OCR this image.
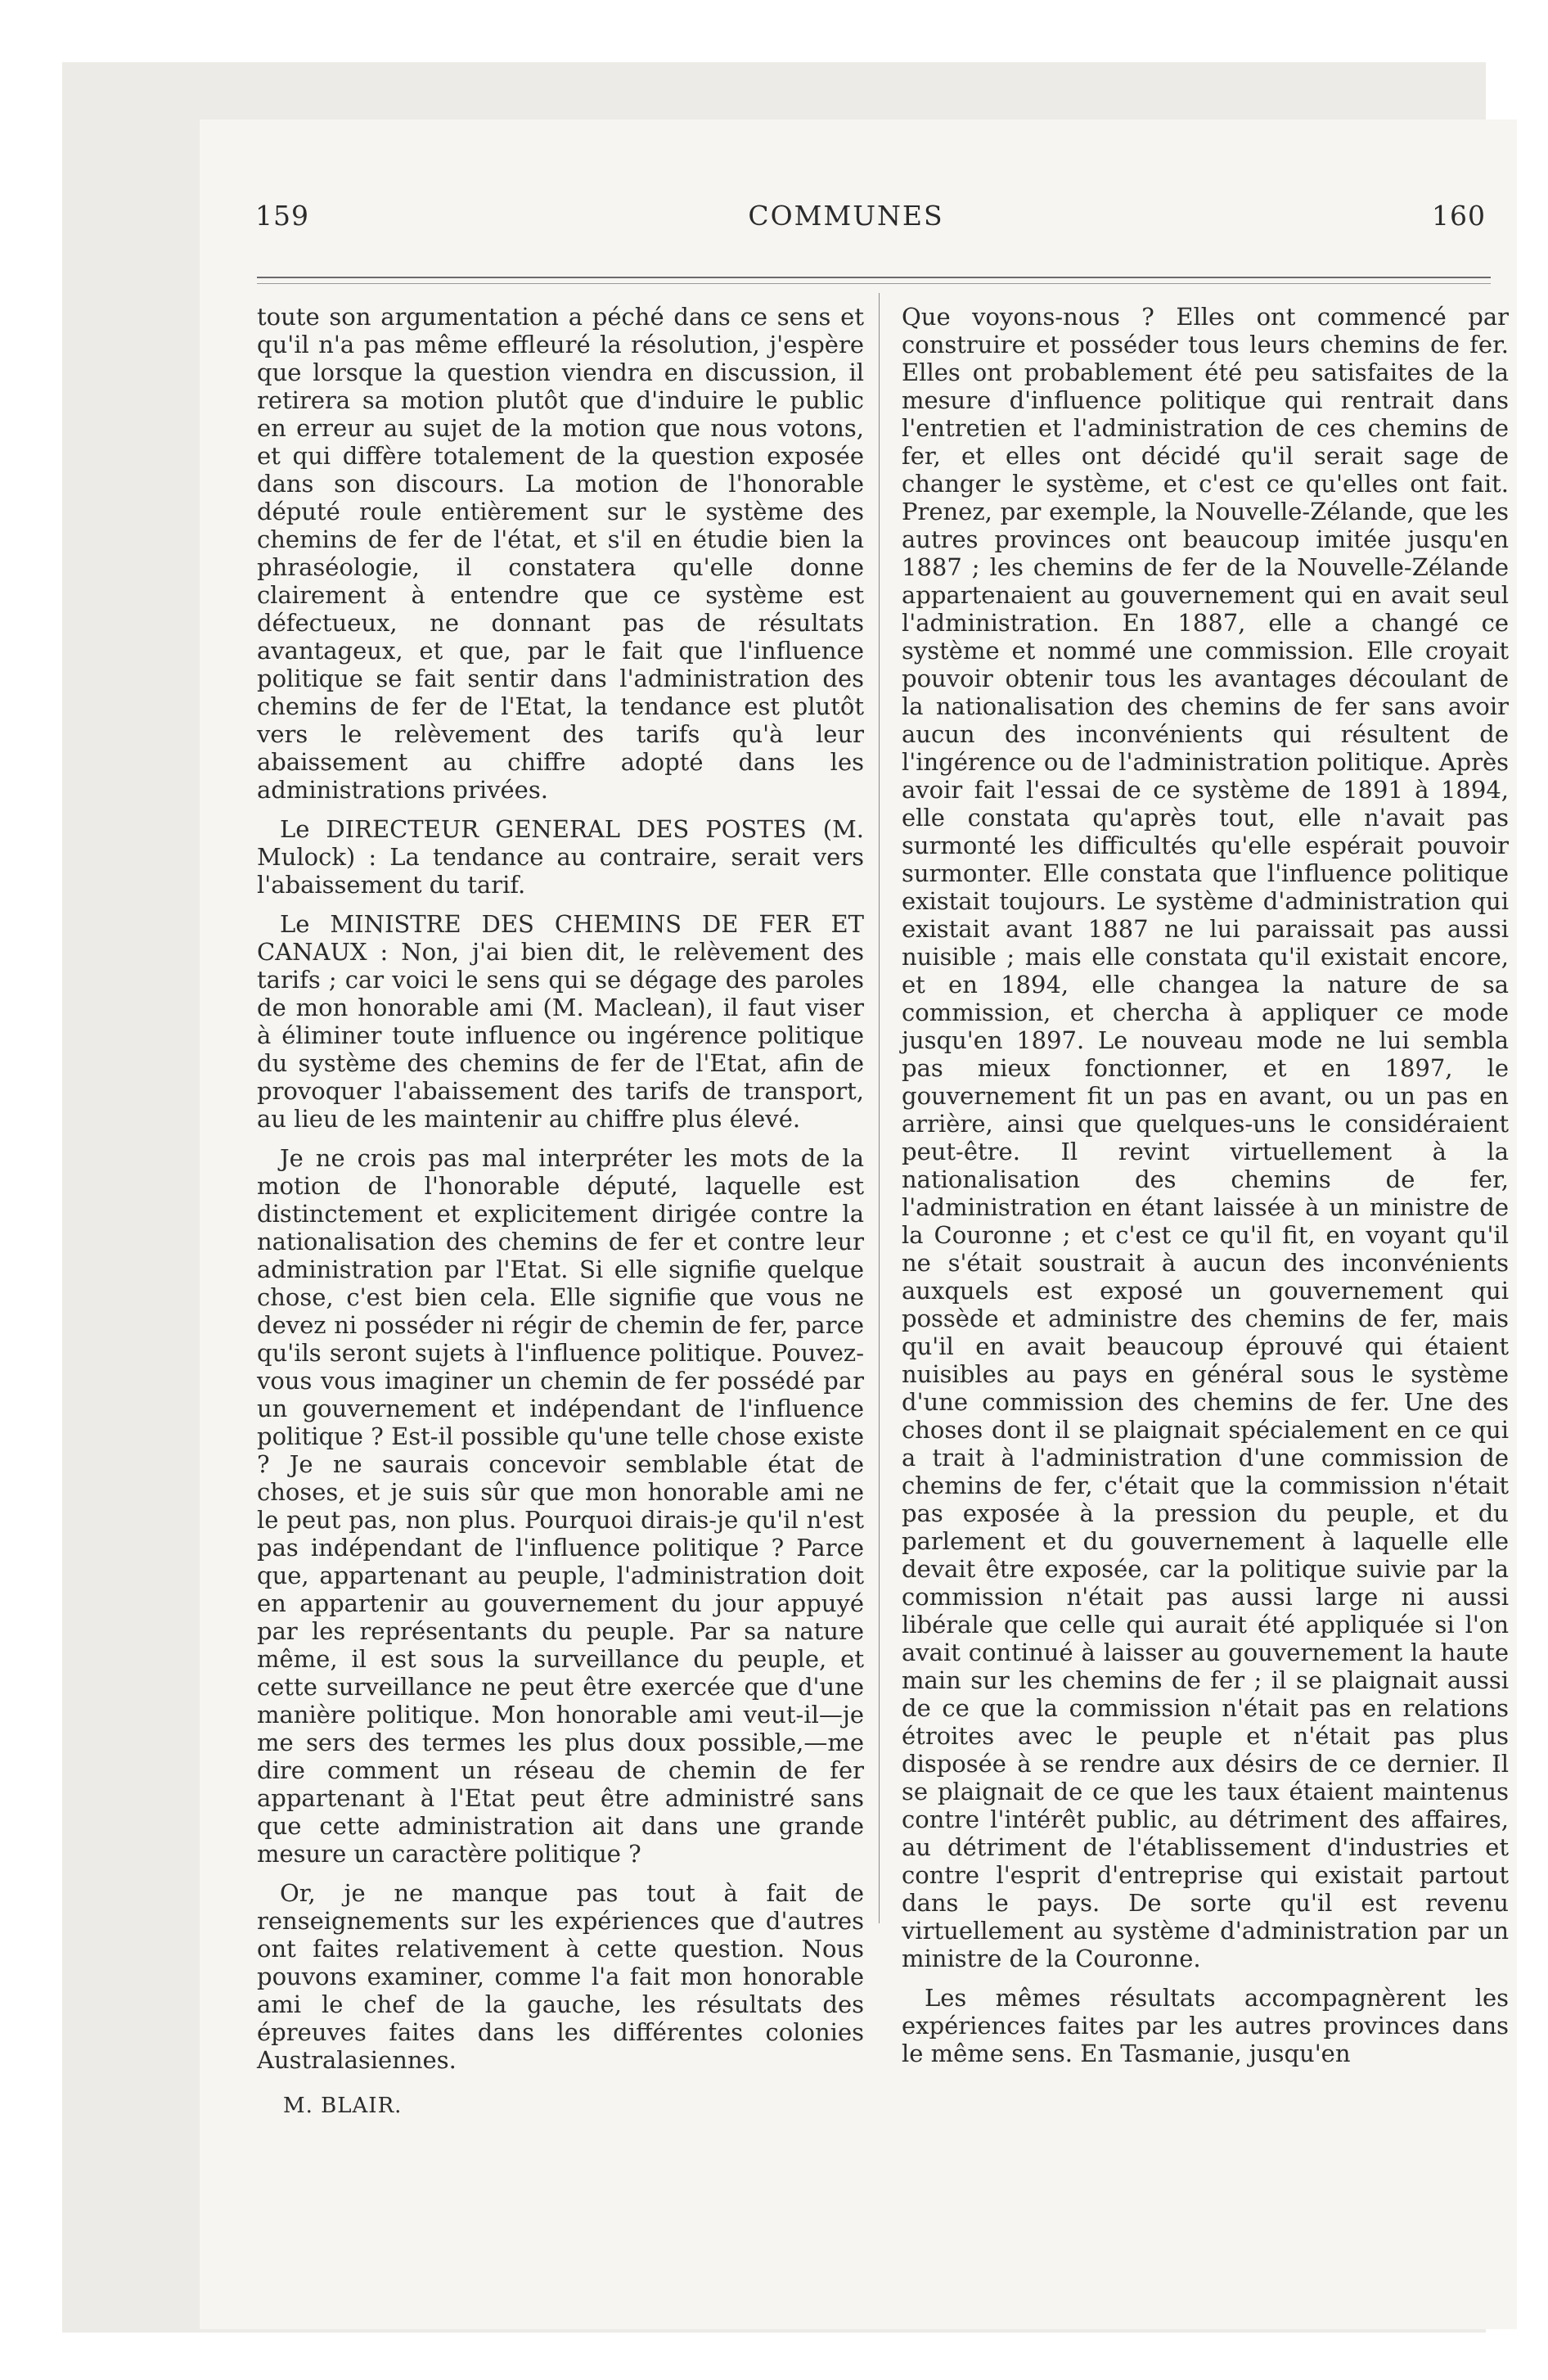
159	COMMUNES	160

toute son argumentation a péché dans ce sens et qu'il n'a pas même effleuré la résolution, j'espère que lorsque la question viendra en discussion, il retirera sa motion plutôt que d'induire le public en erreur au sujet de la motion que nous votons, et qui diffère totalement de la question exposée dans son discours. La motion de l'honorable député roule entièrement sur le système des chemins de fer de l'état, et s'il en étudie bien la phraséologie, il constatera qu'elle donne clairement à entendre que ce système est défectueux, ne donnant pas de résultats avantageux, et que, par le fait que l'influence politique se fait sentir dans l'administration des chemins de fer de l'Etat, la tendance est plutôt vers le relèvement des tarifs qu'à leur abaissement au chiffre adopté dans les administrations privées.

Le DIRECTEUR GENERAL DES POSTES (M. Mulock) : La tendance au contraire, serait vers l'abaissement du tarif.

Le MINISTRE DES CHEMINS DE FER ET CANAUX : Non, j'ai bien dit, le relèvement des tarifs ; car voici le sens qui se dégage des paroles de mon honorable ami (M. Maclean), il faut viser à éliminer toute influence ou ingérence politique du système des chemins de fer de l'Etat, afin de provoquer l'abaissement des tarifs de transport, au lieu de les maintenir au chiffre plus élevé.

Je ne crois pas mal interpréter les mots de la motion de l'honorable député, laquelle est distinctement et explicitement dirigée contre la nationalisation des chemins de fer et contre leur administration par l'Etat. Si elle signifie quelque chose, c'est bien cela. Elle signifie que vous ne devez ni posséder ni régir de chemin de fer, parce qu'ils seront sujets à l'influence politique. Pouvez-vous vous imaginer un chemin de fer possédé par un gouvernement et indépendant de l'influence politique ? Est-il possible qu'une telle chose existe ? Je ne saurais concevoir semblable état de choses, et je suis sûr que mon honorable ami ne le peut pas, non plus. Pourquoi dirais-je qu'il n'est pas indépendant de l'influence politique ? Parce que, appartenant au peuple, l'administration doit en appartenir au gouvernement du jour appuyé par les représentants du peuple. Par sa nature même, il est sous la surveillance du peuple, et cette surveillance ne peut être exercée que d'une manière politique. Mon honorable ami veut-il—je me sers des termes les plus doux possible,—me dire comment un réseau de chemin de fer appartenant à l'Etat peut être administré sans que cette administration ait dans une grande mesure un caractère politique ?

Or, je ne manque pas tout à fait de renseignements sur les expériences que d'autres ont faites relativement à cette question. Nous pouvons examiner, comme l'a fait mon honorable ami le chef de la gauche, les résultats des épreuves faites dans les différentes colonies Australasiennes.

M. BLAIR.

Que voyons-nous ? Elles ont commencé par construire et posséder tous leurs chemins de fer. Elles ont probablement été peu satisfaites de la mesure d'influence politique qui rentrait dans l'entretien et l'administration de ces chemins de fer, et elles ont décidé qu'il serait sage de changer le système, et c'est ce qu'elles ont fait. Prenez, par exemple, la Nouvelle-Zélande, que les autres provinces ont beaucoup imitée jusqu'en 1887 ; les chemins de fer de la Nouvelle-Zélande appartenaient au gouvernement qui en avait seul l'administration. En 1887, elle a changé ce système et nommé une commission. Elle croyait pouvoir obtenir tous les avantages découlant de la nationalisation des chemins de fer sans avoir aucun des inconvénients qui résultent de l'ingérence ou de l'administration politique. Après avoir fait l'essai de ce système de 1891 à 1894, elle constata qu'après tout, elle n'avait pas surmonté les difficultés qu'elle espérait pouvoir surmonter. Elle constata que l'influence politique existait toujours. Le système d'administration qui existait avant 1887 ne lui paraissait pas aussi nuisible ; mais elle constata qu'il existait encore, et en 1894, elle changea la nature de sa commission, et chercha à appliquer ce mode jusqu'en 1897. Le nouveau mode ne lui sembla pas mieux fonctionner, et en 1897, le gouvernement fit un pas en avant, ou un pas en arrière, ainsi que quelques-uns le considéraient peut-être. Il revint virtuellement à la nationalisation des chemins de fer, l'administration en étant laissée à un ministre de la Couronne ; et c'est ce qu'il fit, en voyant qu'il ne s'était soustrait à aucun des inconvénients auxquels est exposé un gouvernement qui possède et administre des chemins de fer, mais qu'il en avait beaucoup éprouvé qui étaient nuisibles au pays en général sous le système d'une commission des chemins de fer. Une des choses dont il se plaignait spécialement en ce qui a trait à l'administration d'une commission de chemins de fer, c'était que la commission n'était pas exposée à la pression du peuple, et du parlement et du gouvernement à laquelle elle devait être exposée, car la politique suivie par la commission n'était pas aussi large ni aussi libérale que celle qui aurait été appliquée si l'on avait continué à laisser au gouvernement la haute main sur les chemins de fer ; il se plaignait aussi de ce que la commission n'était pas en relations étroites avec le peuple et n'était pas plus disposée à se rendre aux désirs de ce dernier. Il se plaignait de ce que les taux étaient maintenus contre l'intérêt public, au détriment des affaires, au détriment de l'établissement d'industries et contre l'esprit d'entreprise qui existait partout dans le pays. De sorte qu'il est revenu virtuellement au système d'administration par un ministre de la Couronne.

Les mêmes résultats accompagnèrent les expériences faites par les autres provinces dans le même sens. En Tasmanie, jusqu'en
